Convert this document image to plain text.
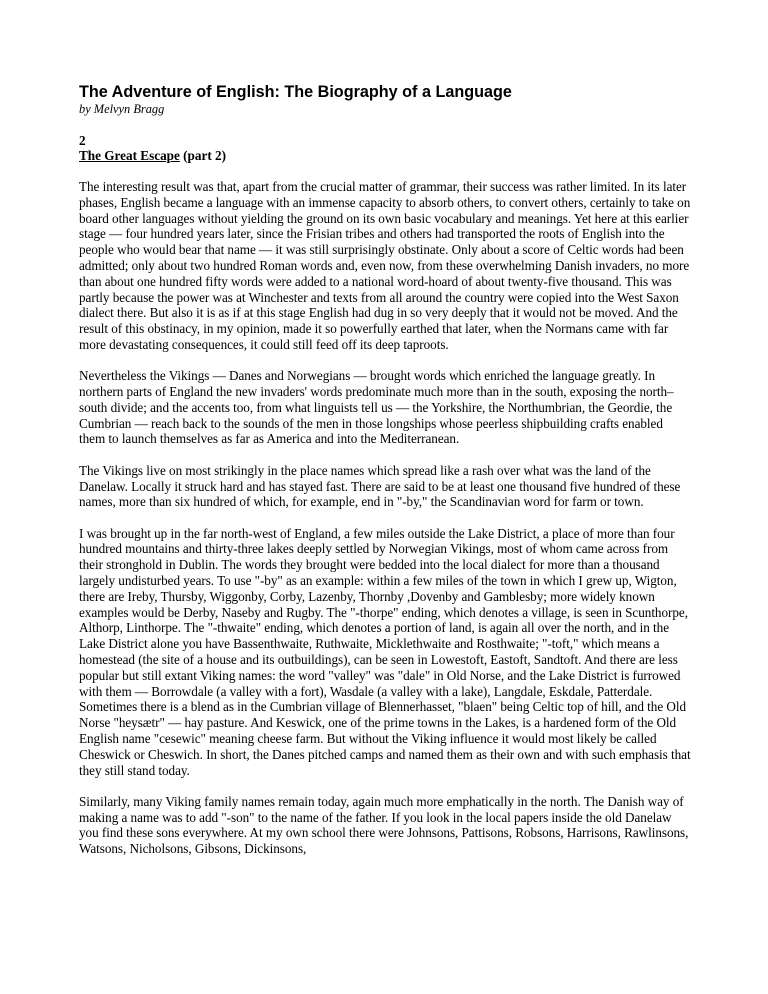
The Adventure of English: The Biography of a Language

by Melvyn Bragg

2

The Great Escape (part 2)

The interesting result was that, apart from the crucial matter of grammar, their success was rather limited. In its later phases, English became a language with an immense capacity to absorb others, to convert others, certainly to take on board other languages without yielding the ground on its own basic vocabulary and meanings. Yet here at this earlier stage — four hundred years later, since the Frisian tribes and others had transported the roots of English into the people who would bear that name — it was still surprisingly obstinate. Only about a score of Celtic words had been admitted; only about two hundred Roman words and, even now, from these overwhelming Danish invaders, no more than about one hundred fifty words were added to a national word-hoard of about twenty-five thousand. This was partly because the power was at Winchester and texts from all around the country were copied into the West Saxon dialect there. But also it is as if at this stage English had dug in so very deeply that it would not be moved. And the result of this obstinacy, in my opinion, made it so powerfully earthed that later, when the Normans came with far more devastating consequences, it could still feed off its deep taproots.

Nevertheless the Vikings — Danes and Norwegians — brought words which enriched the language greatly. In northern parts of England the new invaders' words predominate much more than in the south, exposing the north–south divide; and the accents too, from what linguists tell us — the Yorkshire, the Northumbrian, the Geordie, the Cumbrian — reach back to the sounds of the men in those longships whose peerless shipbuilding crafts enabled them to launch themselves as far as America and into the Mediterranean.

The Vikings live on most strikingly in the place names which spread like a rash over what was the land of the Danelaw. Locally it struck hard and has stayed fast. There are said to be at least one thousand five hundred of these names, more than six hundred of which, for example, end in "-by," the Scandinavian word for farm or town.

I was brought up in the far north-west of England, a few miles outside the Lake District, a place of more than four hundred mountains and thirty-three lakes deeply settled by Norwegian Vikings, most of whom came across from their stronghold in Dublin. The words they brought were bedded into the local dialect for more than a thousand largely undisturbed years. To use "-by" as an example: within a few miles of the town in which I grew up, Wigton, there are Ireby, Thursby, Wiggonby, Corby, Lazenby, Thornby ,Dovenby and Gamblesby; more widely known examples would be Derby, Naseby and Rugby. The "-thorpe" ending, which denotes a village, is seen in Scunthorpe, Althorp, Linthorpe. The "-thwaite" ending, which denotes a portion of land, is again all over the north, and in the Lake District alone you have Bassenthwaite, Ruthwaite, Micklethwaite and Rosthwaite; "-toft," which means a homestead (the site of a house and its outbuildings), can be seen in Lowestoft, Eastoft, Sandtoft. And there are less popular but still extant Viking names: the word "valley" was "dale" in Old Norse, and the Lake District is furrowed with them — Borrowdale (a valley with a fort), Wasdale (a valley with a lake), Langdale, Eskdale, Patterdale. Sometimes there is a blend as in the Cumbrian village of Blennerhasset, "blaen" being Celtic top of hill, and the Old Norse "heysætr" — hay pasture. And Keswick, one of the prime towns in the Lakes, is a hardened form of the Old English name "cesewic" meaning cheese farm. But without the Viking influence it would most likely be called Cheswick or Cheswich. In short, the Danes pitched camps and named them as their own and with such emphasis that they still stand today.

Similarly, many Viking family names remain today, again much more emphatically in the north. The Danish way of making a name was to add "-son" to the name of the father. If you look in the local papers inside the old Danelaw you find these sons everywhere. At my own school there were Johnsons, Pattisons, Robsons, Harrisons, Rawlinsons, Watsons, Nicholsons, Gibsons, Dickinsons,
